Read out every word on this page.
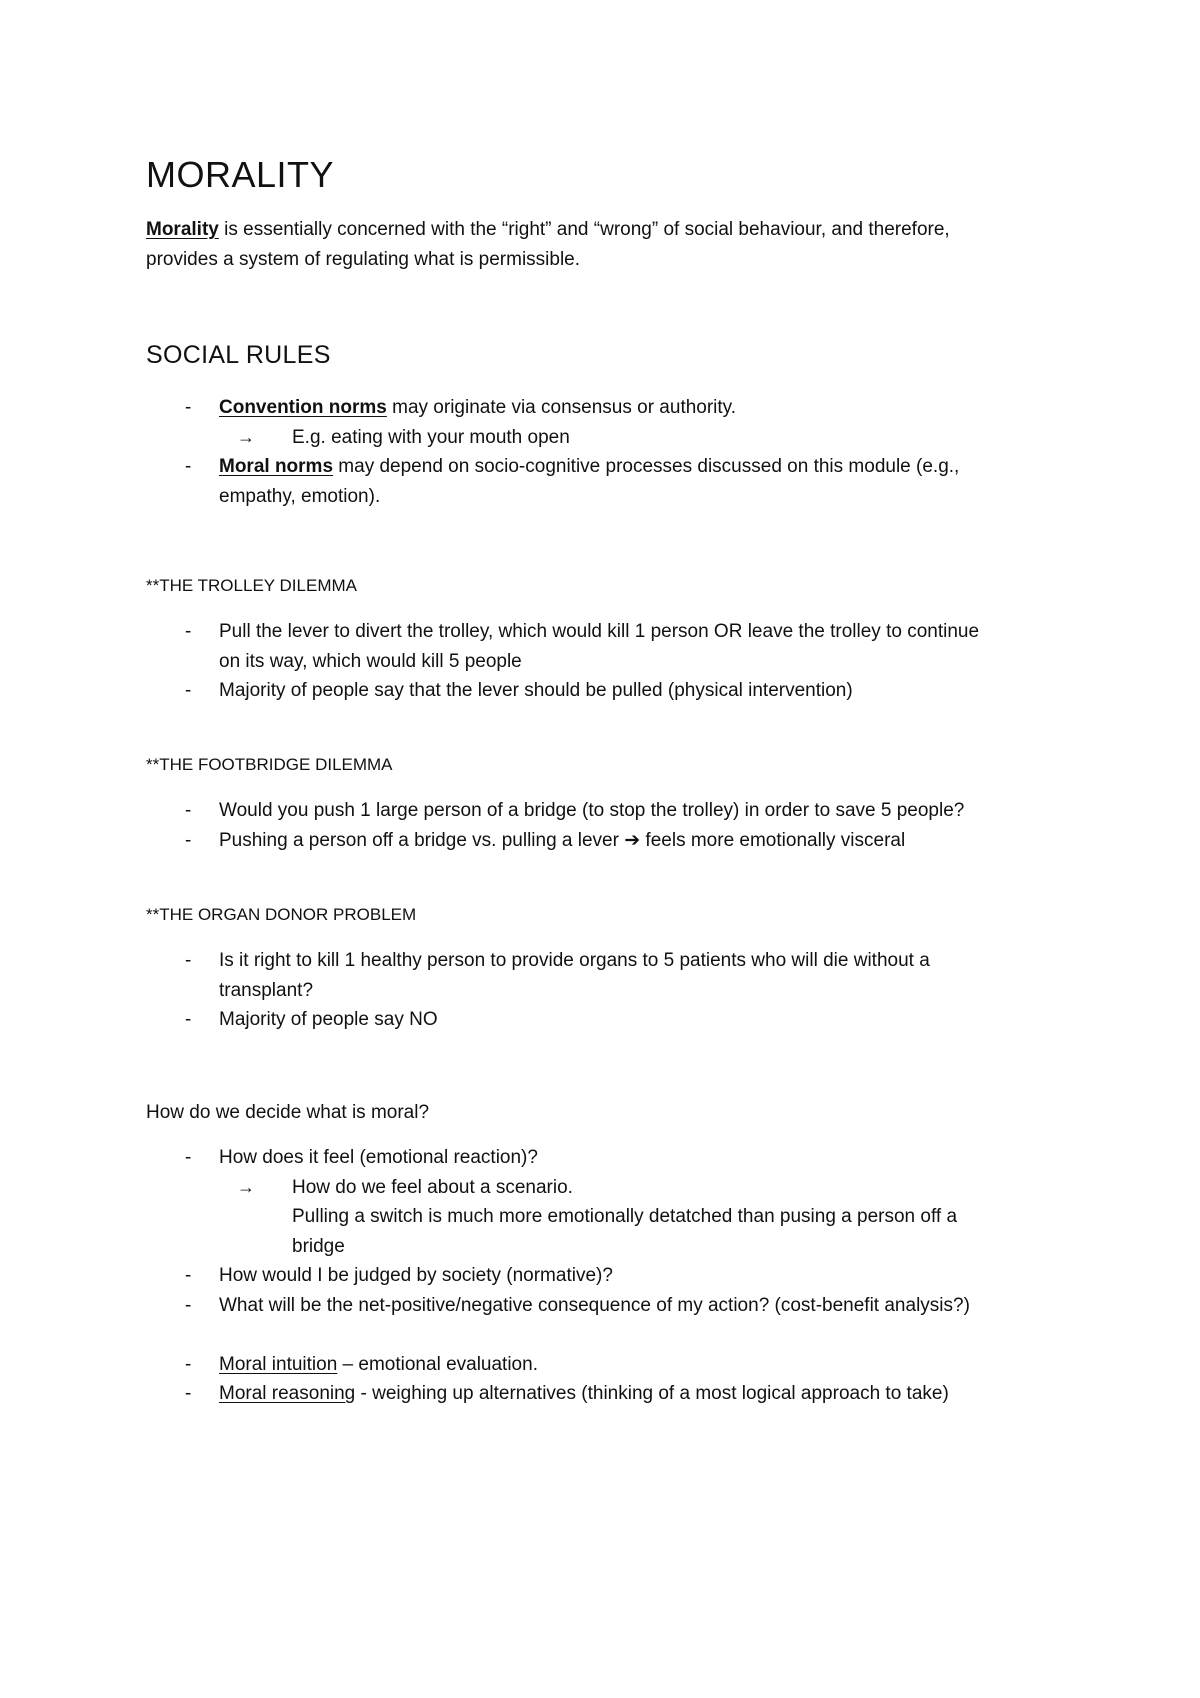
MORALITY
Morality is essentially concerned with the “right” and “wrong” of social behaviour, and therefore,
provides a system of regulating what is permissible.
SOCIAL RULES
- Convention norms may originate via consensus or authority.
→ E.g. eating with your mouth open
- Moral norms may depend on socio-cognitive processes discussed on this module (e.g.,
empathy, emotion).
**THE TROLLEY DILEMMA
- Pull the lever to divert the trolley, which would kill 1 person OR leave the trolley to continue
on its way, which would kill 5 people
- Majority of people say that the lever should be pulled (physical intervention)
**THE FOOTBRIDGE DILEMMA
- Would you push 1 large person of a bridge (to stop the trolley) in order to save 5 people?
- Pushing a person off a bridge vs. pulling a lever ➔ feels more emotionally visceral
**THE ORGAN DONOR PROBLEM
- Is it right to kill 1 healthy person to provide organs to 5 patients who will die without a
transplant?
- Majority of people say NO
How do we decide what is moral?
- How does it feel (emotional reaction)?
→ How do we feel about a scenario.
Pulling a switch is much more emotionally detatched than pusing a person off a
bridge
- How would I be judged by society (normative)?
- What will be the net-positive/negative consequence of my action? (cost-benefit analysis?)
- Moral intuition – emotional evaluation.
- Moral reasoning - weighing up alternatives (thinking of a most logical approach to take)
